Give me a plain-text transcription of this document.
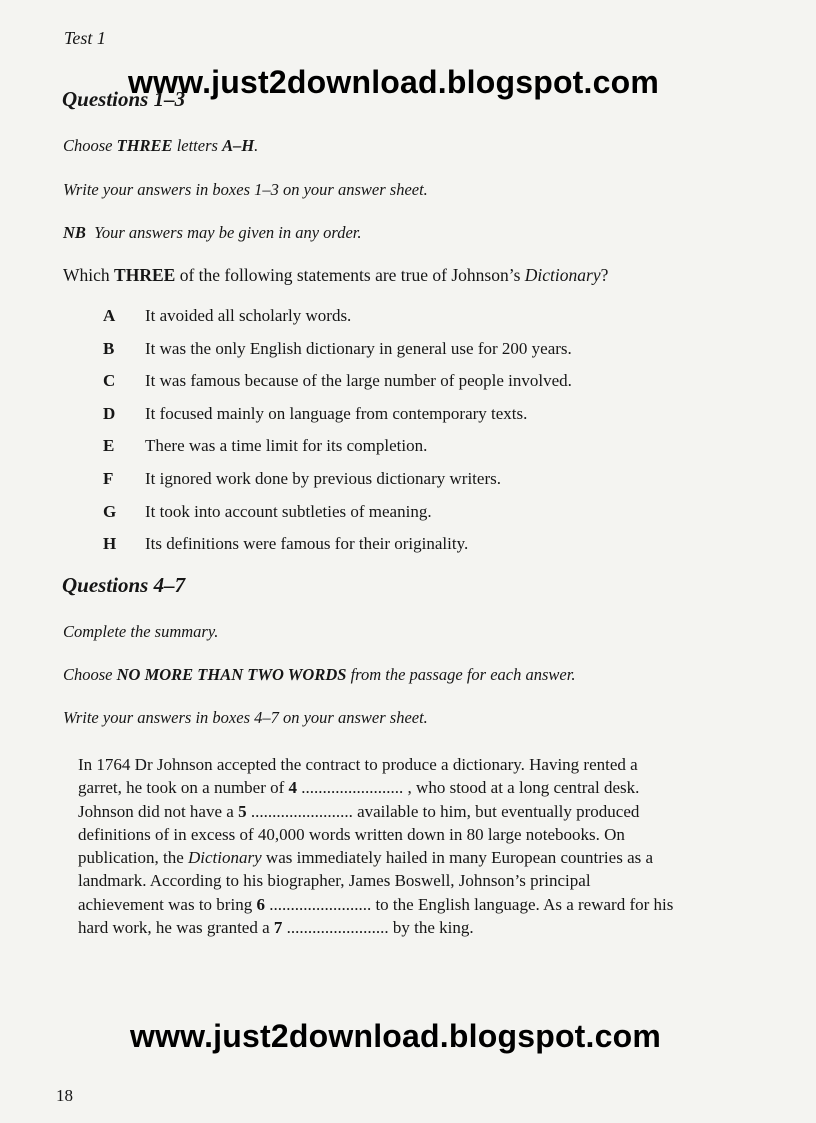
Test 1
Questions 1–3
www.just2download.blogspot.com
Choose THREE letters A–H.
Write your answers in boxes 1–3 on your answer sheet.
NB Your answers may be given in any order.
Which THREE of the following statements are true of Johnson’s Dictionary?
A	It avoided all scholarly words.
B	It was the only English dictionary in general use for 200 years.
C	It was famous because of the large number of people involved.
D	It focused mainly on language from contemporary texts.
E	There was a time limit for its completion.
F	It ignored work done by previous dictionary writers.
G	It took into account subtleties of meaning.
H	Its definitions were famous for their originality.
Questions 4–7
Complete the summary.
Choose NO MORE THAN TWO WORDS from the passage for each answer.
Write your answers in boxes 4–7 on your answer sheet.
In 1764 Dr Johnson accepted the contract to produce a dictionary. Having rented a
garret, he took on a number of 4 ........................ , who stood at a long central desk.
Johnson did not have a 5 ........................ available to him, but eventually produced
definitions of in excess of 40,000 words written down in 80 large notebooks. On
publication, the Dictionary was immediately hailed in many European countries as a
landmark. According to his biographer, James Boswell, Johnson’s principal
achievement was to bring 6 ........................ to the English language. As a reward for his
hard work, he was granted a 7 ........................ by the king.
www.just2download.blogspot.com
18
